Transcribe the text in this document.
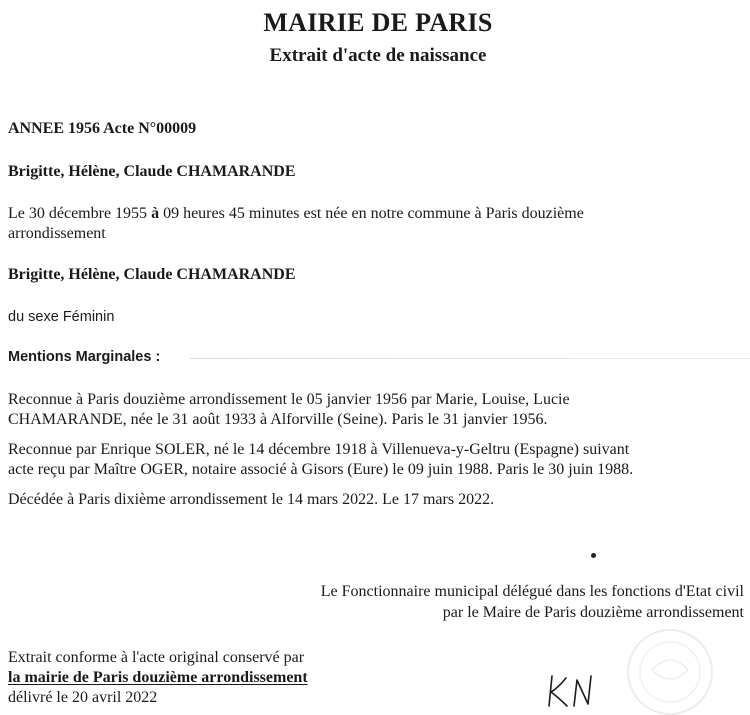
MAIRIE DE PARIS
Extrait d'acte de naissance
ANNEE 1956 Acte N°00009
Brigitte, Hélène, Claude CHAMARANDE
Le 30 décembre 1955 à 09 heures 45 minutes est née en notre commune à Paris douzième
arrondissement
Brigitte, Hélène, Claude CHAMARANDE
du sexe Féminin
Mentions Marginales :
Reconnue à Paris douzième arrondissement le 05 janvier 1956 par Marie, Louise, Lucie
CHAMARANDE, née le 31 août 1933 à Alforville (Seine). Paris le 31 janvier 1956.
Reconnue par Enrique SOLER, né le 14 décembre 1918 à Villenueva-y-Geltru (Espagne) suivant
acte reçu par Maître OGER, notaire associé à Gisors (Eure) le 09 juin 1988. Paris le 30 juin 1988.
Décédée à Paris dixième arrondissement le 14 mars 2022. Le 17 mars 2022.
Le Fonctionnaire municipal délégué dans les fonctions d'Etat civil
par le Maire de Paris douzième arrondissement
Extrait conforme à l'acte original conservé par
la mairie de Paris douzième arrondissement
délivré le 20 avril 2022
